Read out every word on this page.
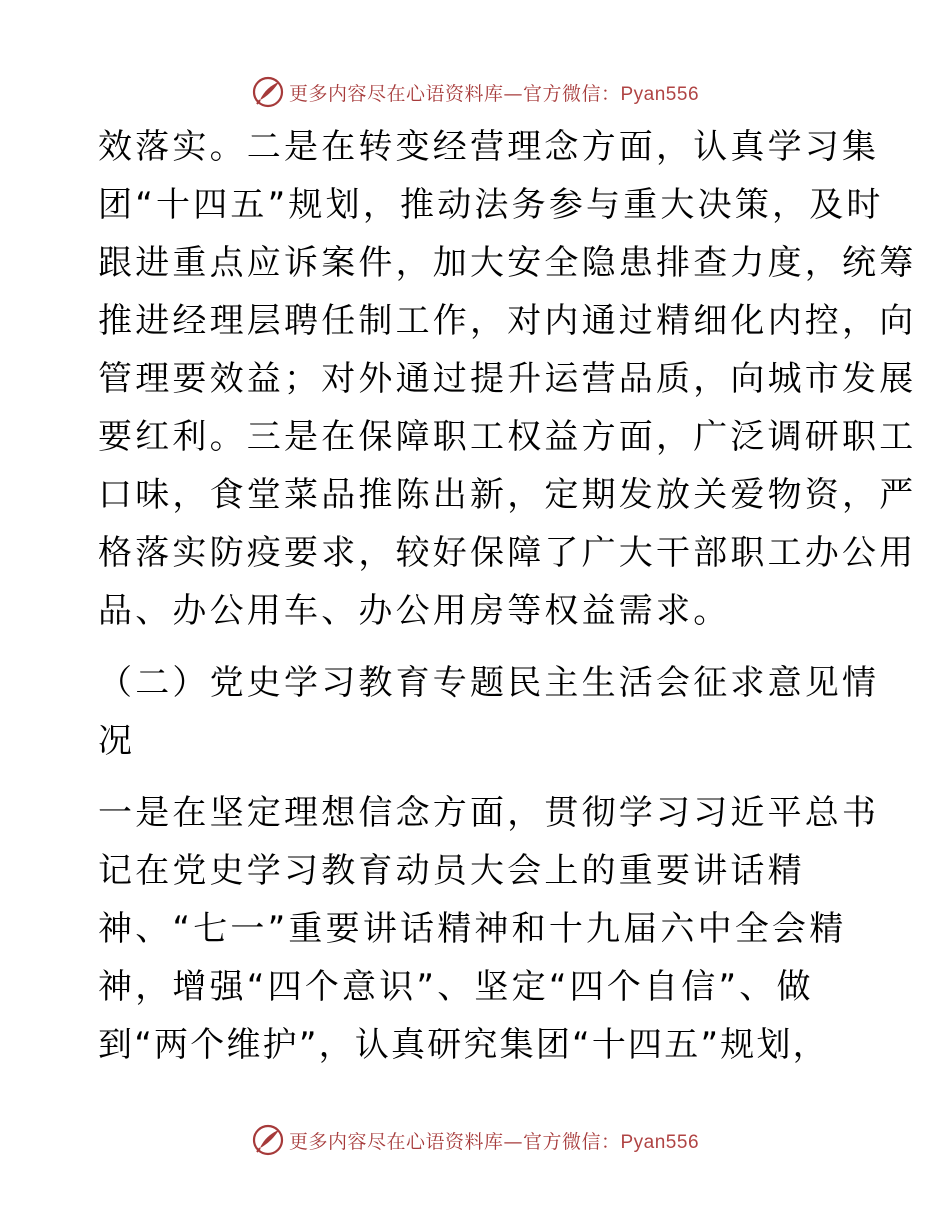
更多内容尽在心语资料库—官方微信：Pyan556
效落实。二是在转变经营理念方面，认真学习集
团“十四五”规划，推动法务参与重大决策，及时
跟进重点应诉案件，加大安全隐患排查力度，统筹
推进经理层聘任制工作，对内通过精细化内控，向
管理要效益；对外通过提升运营品质，向城市发展
要红利。三是在保障职工权益方面，广泛调研职工
口味，食堂菜品推陈出新，定期发放关爱物资，严
格落实防疫要求，较好保障了广大干部职工办公用
品、办公用车、办公用房等权益需求。
（二）党史学习教育专题民主生活会征求意见情
况
一是在坚定理想信念方面，贯彻学习习近平总书
记在党史学习教育动员大会上的重要讲话精
神、“七一”重要讲话精神和十九届六中全会精
神，增强“四个意识”、坚定“四个自信”、做
到“两个维护”，认真研究集团“十四五”规划，
更多内容尽在心语资料库—官方微信：Pyan556
